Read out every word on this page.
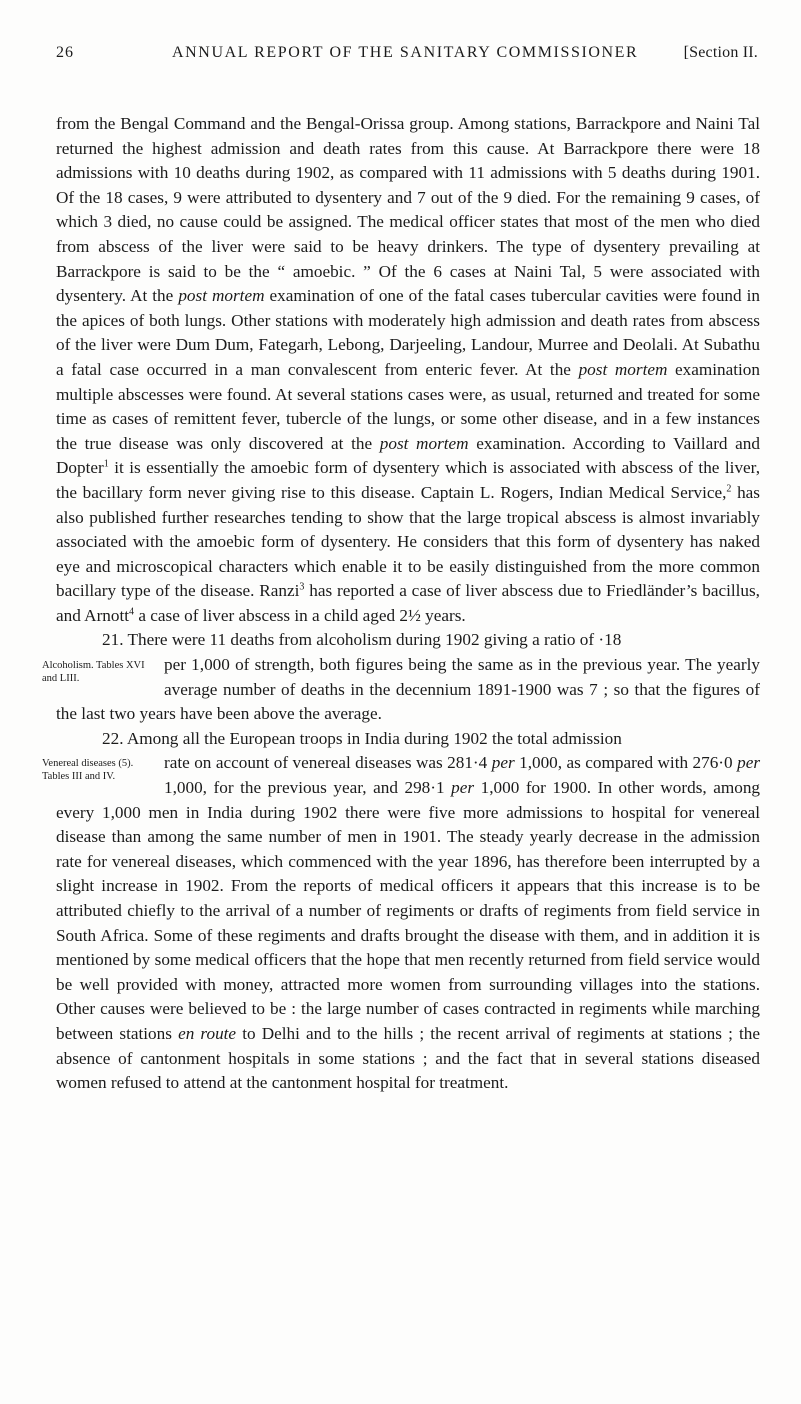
26	ANNUAL REPORT OF THE SANITARY COMMISSIONER	[Section II.

from the Bengal Command and the Bengal-Orissa group. Among stations, Barrackpore and Naini Tal returned the highest admission and death rates from this cause. At Barrackpore there were 18 admissions with 10 deaths during 1902, as compared with 11 admissions with 5 deaths during 1901. Of the 18 cases, 9 were attributed to dysentery and 7 out of the 9 died. For the remaining 9 cases, of which 3 died, no cause could be assigned. The medical officer states that most of the men who died from abscess of the liver were said to be heavy drinkers. The type of dysentery prevailing at Barrackpore is said to be the “ amoebic. ” Of the 6 cases at Naini Tal, 5 were associated with dysentery. At the post mortem examination of one of the fatal cases tubercular cavities were found in the apices of both lungs. Other stations with moderately high admission and death rates from abscess of the liver were Dum Dum, Fategarh, Lebong, Darjeeling, Landour, Murree and Deolali. At Subathu a fatal case occurred in a man convalescent from enteric fever. At the post mortem examination multiple abscesses were found. At several stations cases were, as usual, returned and treated for some time as cases of remittent fever, tubercle of the lungs, or some other disease, and in a few instances the true disease was only discovered at the post mortem examination. According to Vaillard and Dopter$^1$ it is essentially the amoebic form of dysentery which is associated with abscess of the liver, the bacillary form never giving rise to this disease. Captain L. Rogers, Indian Medical Service,$^2$ has also published further researches tending to show that the large tropical abscess is almost invariably associated with the amoebic form of dysentery. He considers that this form of dysentery has naked eye and microscopical characters which enable it to be easily distinguished from the more common bacillary type of the disease. Ranzi$^3$ has reported a case of liver abscess due to Friedländer’s bacillus, and Arnott$^4$ a case of liver abscess in a child aged 2½ years.

21. There were 11 deaths from alcoholism during 1902 giving a ratio of ·18

Alcoholism. Tables XVI and LIII.

per 1,000 of strength, both figures being the same as in the previous year. The yearly average number of deaths in the decennium 1891-1900 was 7 ; so that the figures of the last two years have been above the average.

22. Among all the European troops in India during 1902 the total admission

Venereal diseases (5). Tables III and IV.

rate on account of venereal diseases was 281·4 per 1,000, as compared with 276·0 per 1,000, for the previous year, and 298·1 per 1,000 for 1900. In other words, among every 1,000 men in India during 1902 there were five more admissions to hospital for venereal disease than among the same number of men in 1901. The steady yearly decrease in the admission rate for venereal diseases, which commenced with the year 1896, has therefore been interrupted by a slight increase in 1902. From the reports of medical officers it appears that this increase is to be attributed chiefly to the arrival of a number of regiments or drafts of regiments from field service in South Africa. Some of these regiments and drafts brought the disease with them, and in addition it is mentioned by some medical officers that the hope that men recently returned from field service would be well provided with money, attracted more women from surrounding villages into the stations. Other causes were believed to be : the large number of cases contracted in regiments while marching between stations en route to Delhi and to the hills ; the recent arrival of regiments at stations ; the absence of cantonment hospitals in some stations ; and the fact that in several stations diseased women refused to attend at the cantonment hospital for treatment.
